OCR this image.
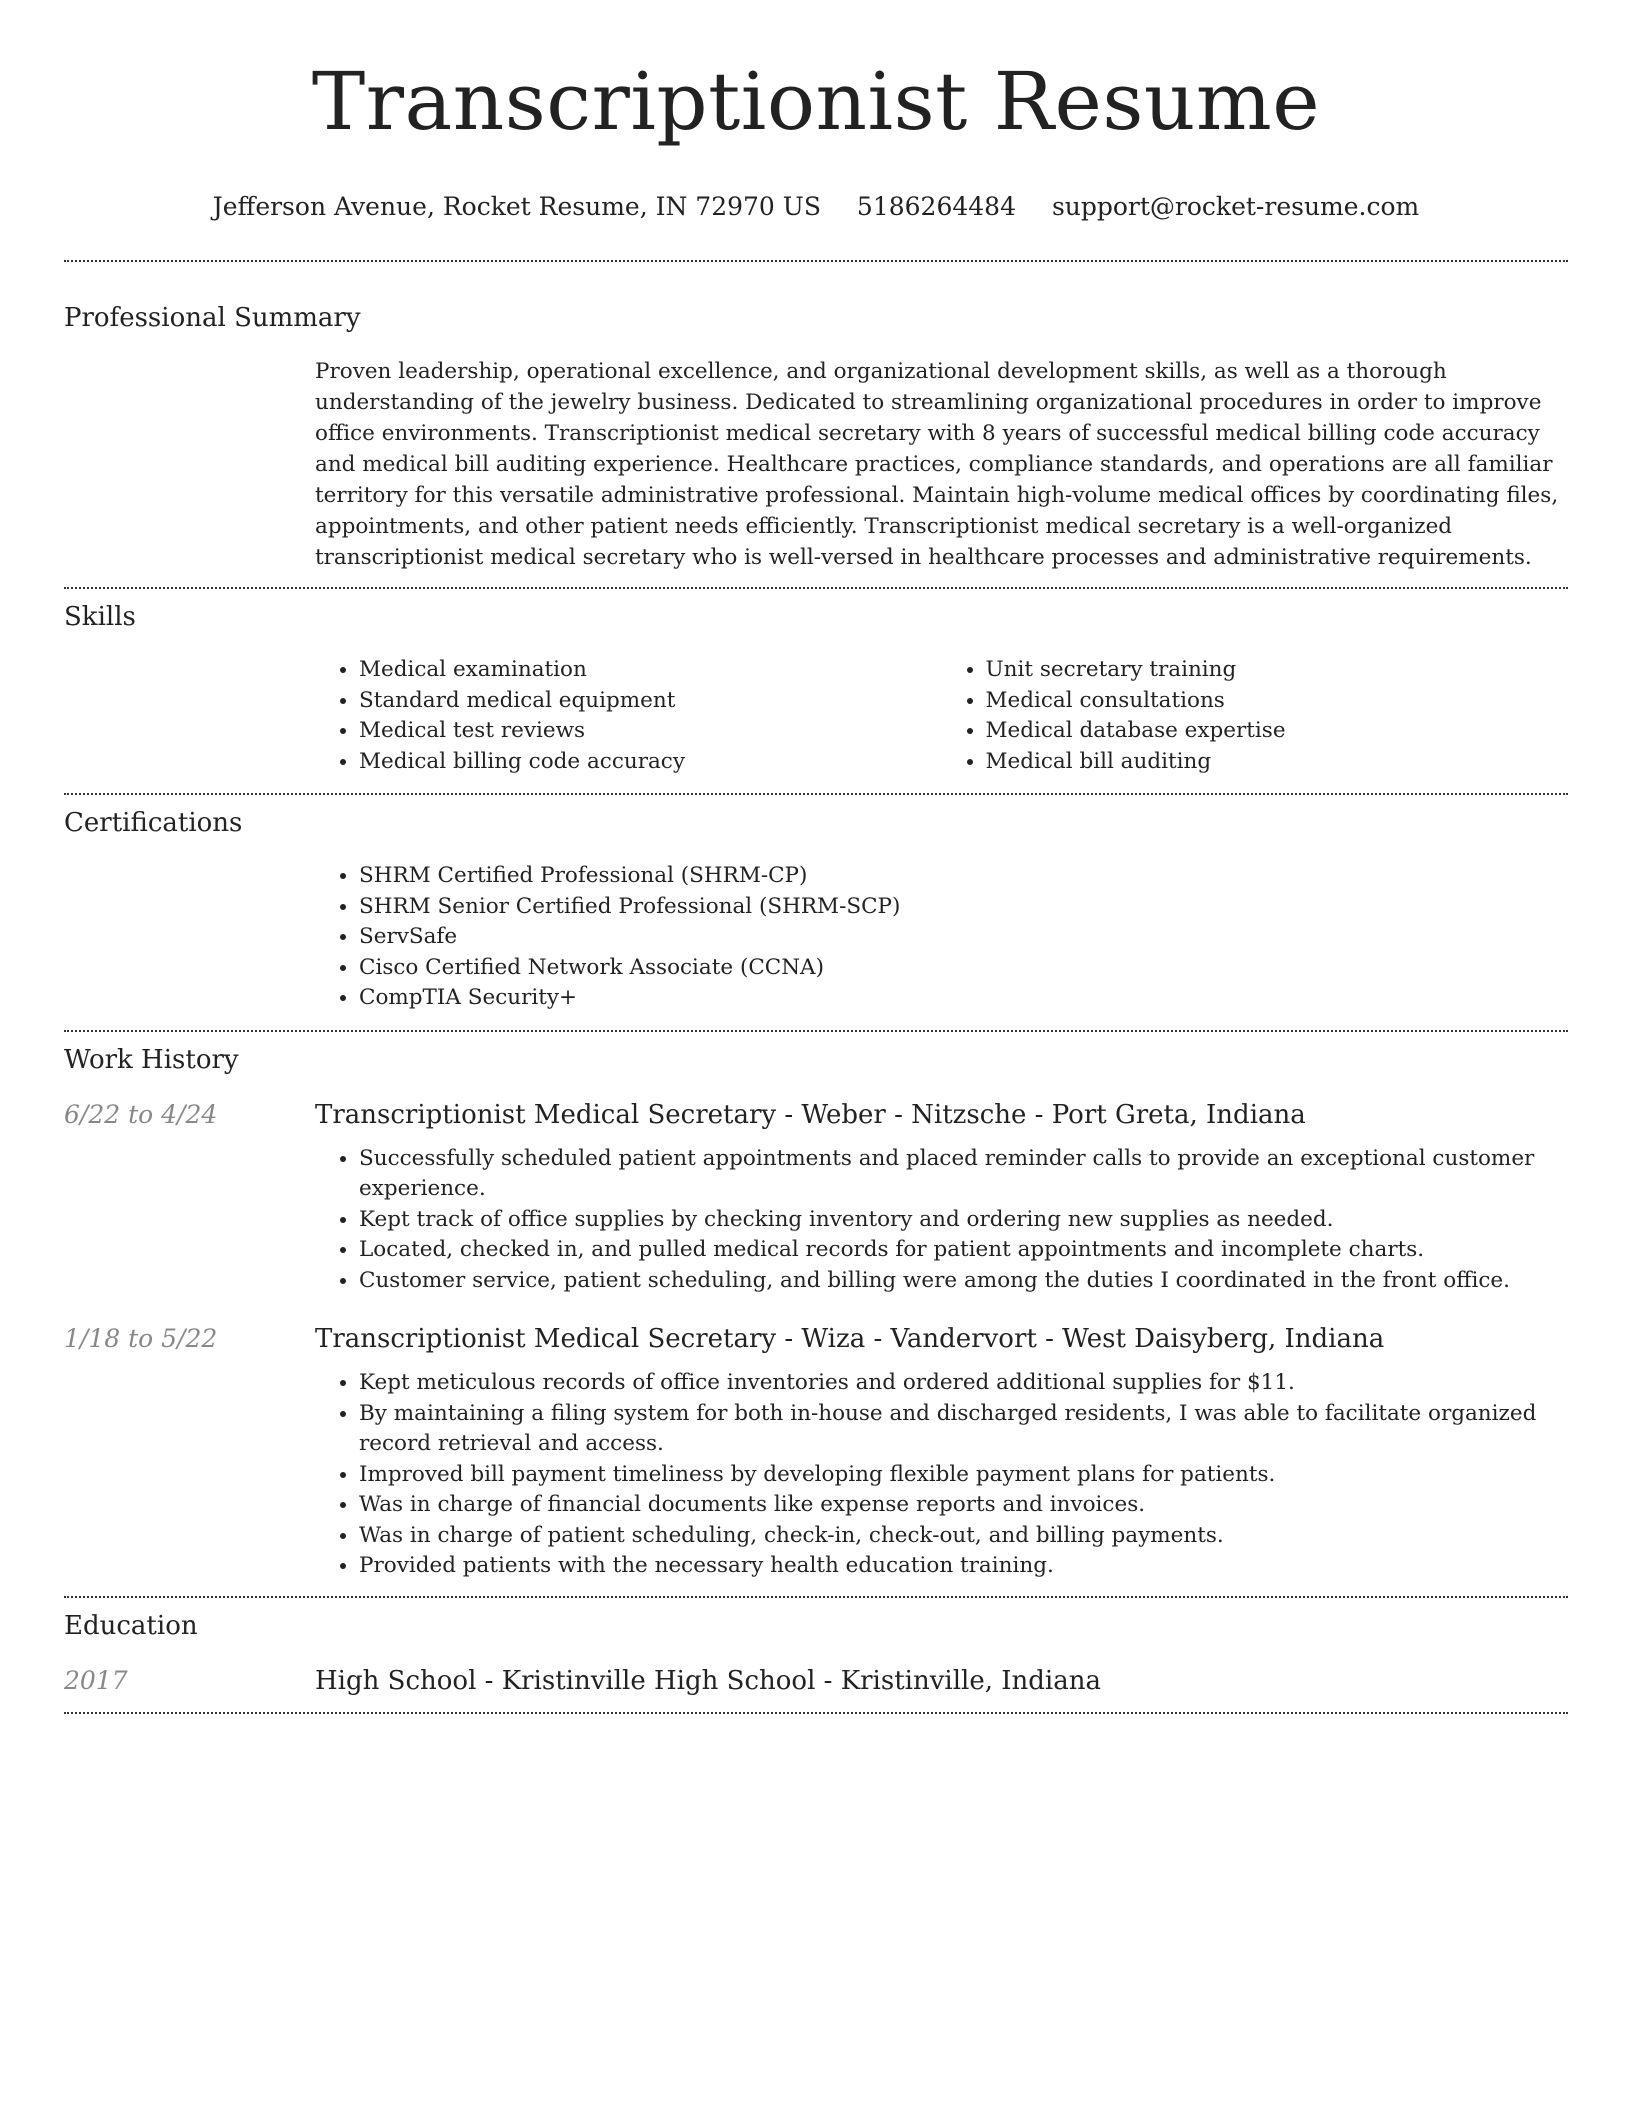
Transcriptionist Resume
Jefferson Avenue, Rocket Resume, IN 72970 US 5186264484 support@rocket-resume.com
Professional Summary

Proven leadership, operational excellence, and organizational development skills, as well as a thorough understanding of the jewelry business. Dedicated to streamlining organizational procedures in order to improve office environments. Transcriptionist medical secretary with 8 years of successful medical billing code accuracy and medical bill auditing experience. Healthcare practices, compliance standards, and operations are all familiar territory for this versatile administrative professional. Maintain high-volume medical offices by coordinating files, appointments, and other patient needs efficiently. Transcriptionist medical secretary is a well-organized transcriptionist medical secretary who is well-versed in healthcare processes and administrative requirements.

Skills
• Medical examination
• Standard medical equipment
• Medical test reviews
• Medical billing code accuracy
• Unit secretary training
• Medical consultations
• Medical database expertise
• Medical bill auditing
Certifications
• SHRM Certified Professional (SHRM-CP)
• SHRM Senior Certified Professional (SHRM-SCP)
• ServSafe
• Cisco Certified Network Associate (CCNA)
• CompTIA Security+
Work History
6/22 to 4/24	Transcriptionist Medical Secretary - Weber - Nitzsche - Port Greta, Indiana
• Successfully scheduled patient appointments and placed reminder calls to provide an exceptional customer experience.
• Kept track of office supplies by checking inventory and ordering new supplies as needed.
• Located, checked in, and pulled medical records for patient appointments and incomplete charts.
• Customer service, patient scheduling, and billing were among the duties I coordinated in the front office.
1/18 to 5/22	Transcriptionist Medical Secretary - Wiza - Vandervort - West Daisyberg, Indiana
• Kept meticulous records of office inventories and ordered additional supplies for $11.
• By maintaining a filing system for both in-house and discharged residents, I was able to facilitate organized record retrieval and access.
• Improved bill payment timeliness by developing flexible payment plans for patients.
• Was in charge of financial documents like expense reports and invoices.
• Was in charge of patient scheduling, check-in, check-out, and billing payments.
• Provided patients with the necessary health education training.
Education
2017	High School - Kristinville High School - Kristinville, Indiana
